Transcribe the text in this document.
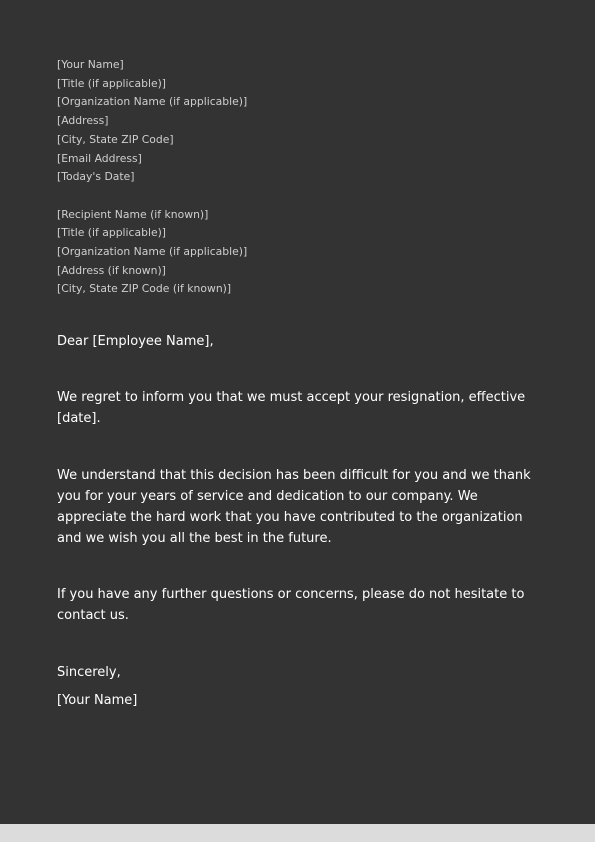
[Your Name]
[Title (if applicable)]
[Organization Name (if applicable)]
[Address]
[City, State ZIP Code]
[Email Address]
[Today's Date]
[Recipient Name (if known)]
[Title (if applicable)]
[Organization Name (if applicable)]
[Address (if known)]
[City, State ZIP Code (if known)]
Dear [Employee Name],
We regret to inform you that we must accept your resignation, effective [date].
We understand that this decision has been difficult for you and we thank you for your years of service and dedication to our company. We appreciate the hard work that you have contributed to the organization and we wish you all the best in the future.
If you have any further questions or concerns, please do not hesitate to contact us.
Sincerely,
[Your Name]
